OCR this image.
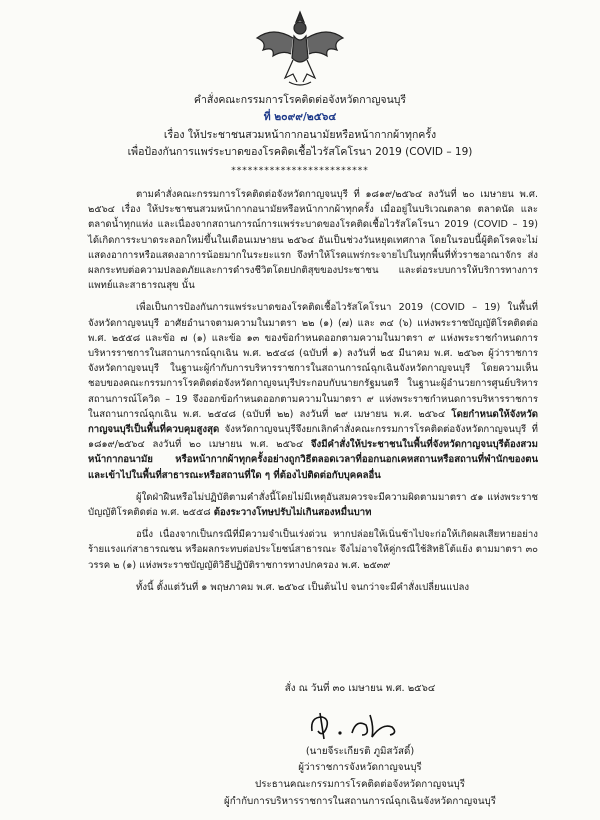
คำสั่งคณะกรรมการโรคติดต่อจังหวัดกาญจนบุรี
ที่ ๒๐๙๙/๒๕๖๔
เรื่อง ให้ประชาชนสวมหน้ากากอนามัยหรือหน้ากากผ้าทุกครั้ง
เพื่อป้องกันการแพร่ระบาดของโรคติดเชื้อไวรัสโคโรนา 2019 (COVID – 19)
*************************

ตามคำสั่งคณะกรรมการโรคติดต่อจังหวัดกาญจนบุรี ที่ ๑๘๑๙/๒๕๖๔ ลงวันที่ ๒๐ เมษายน พ.ศ. ๒๕๖๔ เรื่อง ให้ประชาชนสวมหน้ากากอนามัยหรือหน้ากากผ้าทุกครั้ง เมื่ออยู่ในบริเวณตลาด ตลาดนัด และตลาดน้ำทุกแห่ง และเนื่องจากสถานการณ์การแพร่ระบาดของโรคติดเชื้อไวรัสโคโรนา 2019 (COVID – 19) ได้เกิดการระบาดระลอกใหม่ขึ้นในเดือนเมษายน ๒๕๖๔ อันเป็นช่วงวันหยุดเทศกาล โดยในรอบนี้ผู้ติดโรคจะไม่แสดงอาการหรือแสดงอาการน้อยมากในระยะแรก จึงทำให้โรคแพร่กระจายไปในทุกพื้นที่ทั่วราชอาณาจักร ส่งผลกระทบต่อความปลอดภัยและการดำรงชีวิตโดยปกติสุขของประชาชน และต่อระบบการให้บริการทางการแพทย์และสาธารณสุข นั้น

เพื่อเป็นการป้องกันการแพร่ระบาดของโรคติดเชื้อไวรัสโคโรนา 2019 (COVID – 19) ในพื้นที่จังหวัดกาญจนบุรี อาศัยอำนาจตามความในมาตรา ๒๒ (๑) (๗) และ ๓๔ (๖) แห่งพระราชบัญญัติโรคติดต่อ พ.ศ. ๒๕๕๘ และข้อ ๗ (๑) และข้อ ๑๓ ของข้อกำหนดออกตามความในมาตรา ๙ แห่งพระราชกำหนดการบริหารราชการในสถานการณ์ฉุกเฉิน พ.ศ. ๒๕๔๘ (ฉบับที่ ๑) ลงวันที่ ๒๕ มีนาคม พ.ศ. ๒๕๖๓ ผู้ว่าราชการจังหวัดกาญจนบุรี ในฐานะผู้กำกับการบริหารราชการในสถานการณ์ฉุกเฉินจังหวัดกาญจนบุรี โดยความเห็นชอบของคณะกรรมการโรคติดต่อจังหวัดกาญจนบุรีประกอบกับนายกรัฐมนตรี ในฐานะผู้อำนวยการศูนย์บริหารสถานการณ์โควิด – 19 จึงออกข้อกำหนดออกตามความในมาตรา ๙ แห่งพระราชกำหนดการบริหารราชการในสถานการณ์ฉุกเฉิน พ.ศ. ๒๕๔๘ (ฉบับที่ ๒๒) ลงวันที่ ๒๙ เมษายน พ.ศ. ๒๕๖๔ โดยกำหนดให้จังหวัดกาญจนบุรีเป็นพื้นที่ควบคุมสูงสุด จังหวัดกาญจนบุรีจึงยกเลิกคำสั่งคณะกรรมการโรคติดต่อจังหวัดกาญจนบุรี ที่ ๑๘๑๙/๒๕๖๔ ลงวันที่ ๒๐ เมษายน พ.ศ. ๒๕๖๔ จึงมีคำสั่งให้ประชาชนในพื้นที่จังหวัดกาญจนบุรีต้องสวมหน้ากากอนามัย หรือหน้ากากผ้าทุกครั้งอย่างถูกวิธีตลอดเวลาที่ออกนอกเคหสถานหรือสถานที่พำนักของตน และเข้าไปในพื้นที่สาธารณะหรือสถานที่ใด ๆ ที่ต้องไปติดต่อกับบุคคลอื่น

ผู้ใดฝ่าฝืนหรือไม่ปฏิบัติตามคำสั่งนี้โดยไม่มีเหตุอันสมควรจะมีความผิดตามมาตรา ๕๑ แห่งพระราชบัญญัติโรคติดต่อ พ.ศ. ๒๕๕๘ ต้องระวางโทษปรับไม่เกินสองหมื่นบาท

อนึ่ง เนื่องจากเป็นกรณีที่มีความจำเป็นเร่งด่วน หากปล่อยให้เนิ่นช้าไปจะก่อให้เกิดผลเสียหายอย่างร้ายแรงแก่สาธารณชน หรือผลกระทบต่อประโยชน์สาธารณะ จึงไม่อาจให้คู่กรณีใช้สิทธิโต้แย้ง ตามมาตรา ๓๐ วรรค ๒ (๑) แห่งพระราชบัญญัติวิธีปฏิบัติราชการทางปกครอง พ.ศ. ๒๕๓๙

ทั้งนี้ ตั้งแต่วันที่ ๑ พฤษภาคม พ.ศ. ๒๕๖๔ เป็นต้นไป จนกว่าจะมีคำสั่งเปลี่ยนแปลง

สั่ง ณ วันที่ ๓๐ เมษายน พ.ศ. ๒๕๖๔
(นายจีระเกียรติ ภูมิสวัสดิ์)
ผู้ว่าราชการจังหวัดกาญจนบุรี
ประธานคณะกรรมการโรคติดต่อจังหวัดกาญจนบุรี
ผู้กำกับการบริหารราชการในสถานการณ์ฉุกเฉินจังหวัดกาญจนบุรี
